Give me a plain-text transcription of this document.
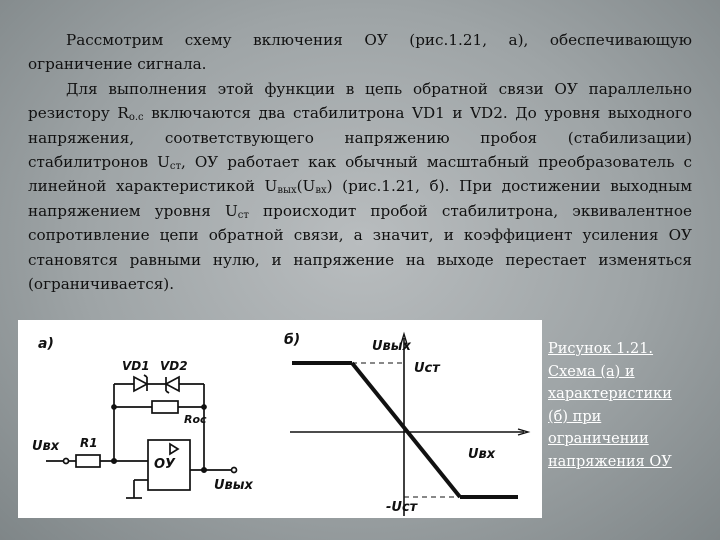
Рассмотрим схему включения ОУ (рис.1.21, а), обеспечивающую ограничение сигнала.

Для выполнения этой функции в цепь обратной связи ОУ параллельно резистору $R_{о.с}$ включаются два стабилитрона VD1 и VD2. До уровня выходного напряжения, соответствующего напряжению пробоя (стабилизации) стабилитронов $U_{ст}$, ОУ работает как обычный масштабный преобразователь с линейной характеристикой $U_{вых}(U_{вх})$ (рис.1.21, б). При достижении выходным напряжением уровня $U_{ст}$ происходит пробой стабилитрона, эквивалентное сопротивление цепи обратной связи, а значит, и коэффициент усиления ОУ становятся равными нулю, и напряжение на выходе перестает изменяться (ограничивается).

а)
VD1 VD2
Rос
Uвх R1
ОУ
Uвых
б)	Uвых
Uст
Uвх
-Uст
Рисунок 1.21.
Схема (а) и
характеристики
(б) при
ограничении
напряжения ОУ
